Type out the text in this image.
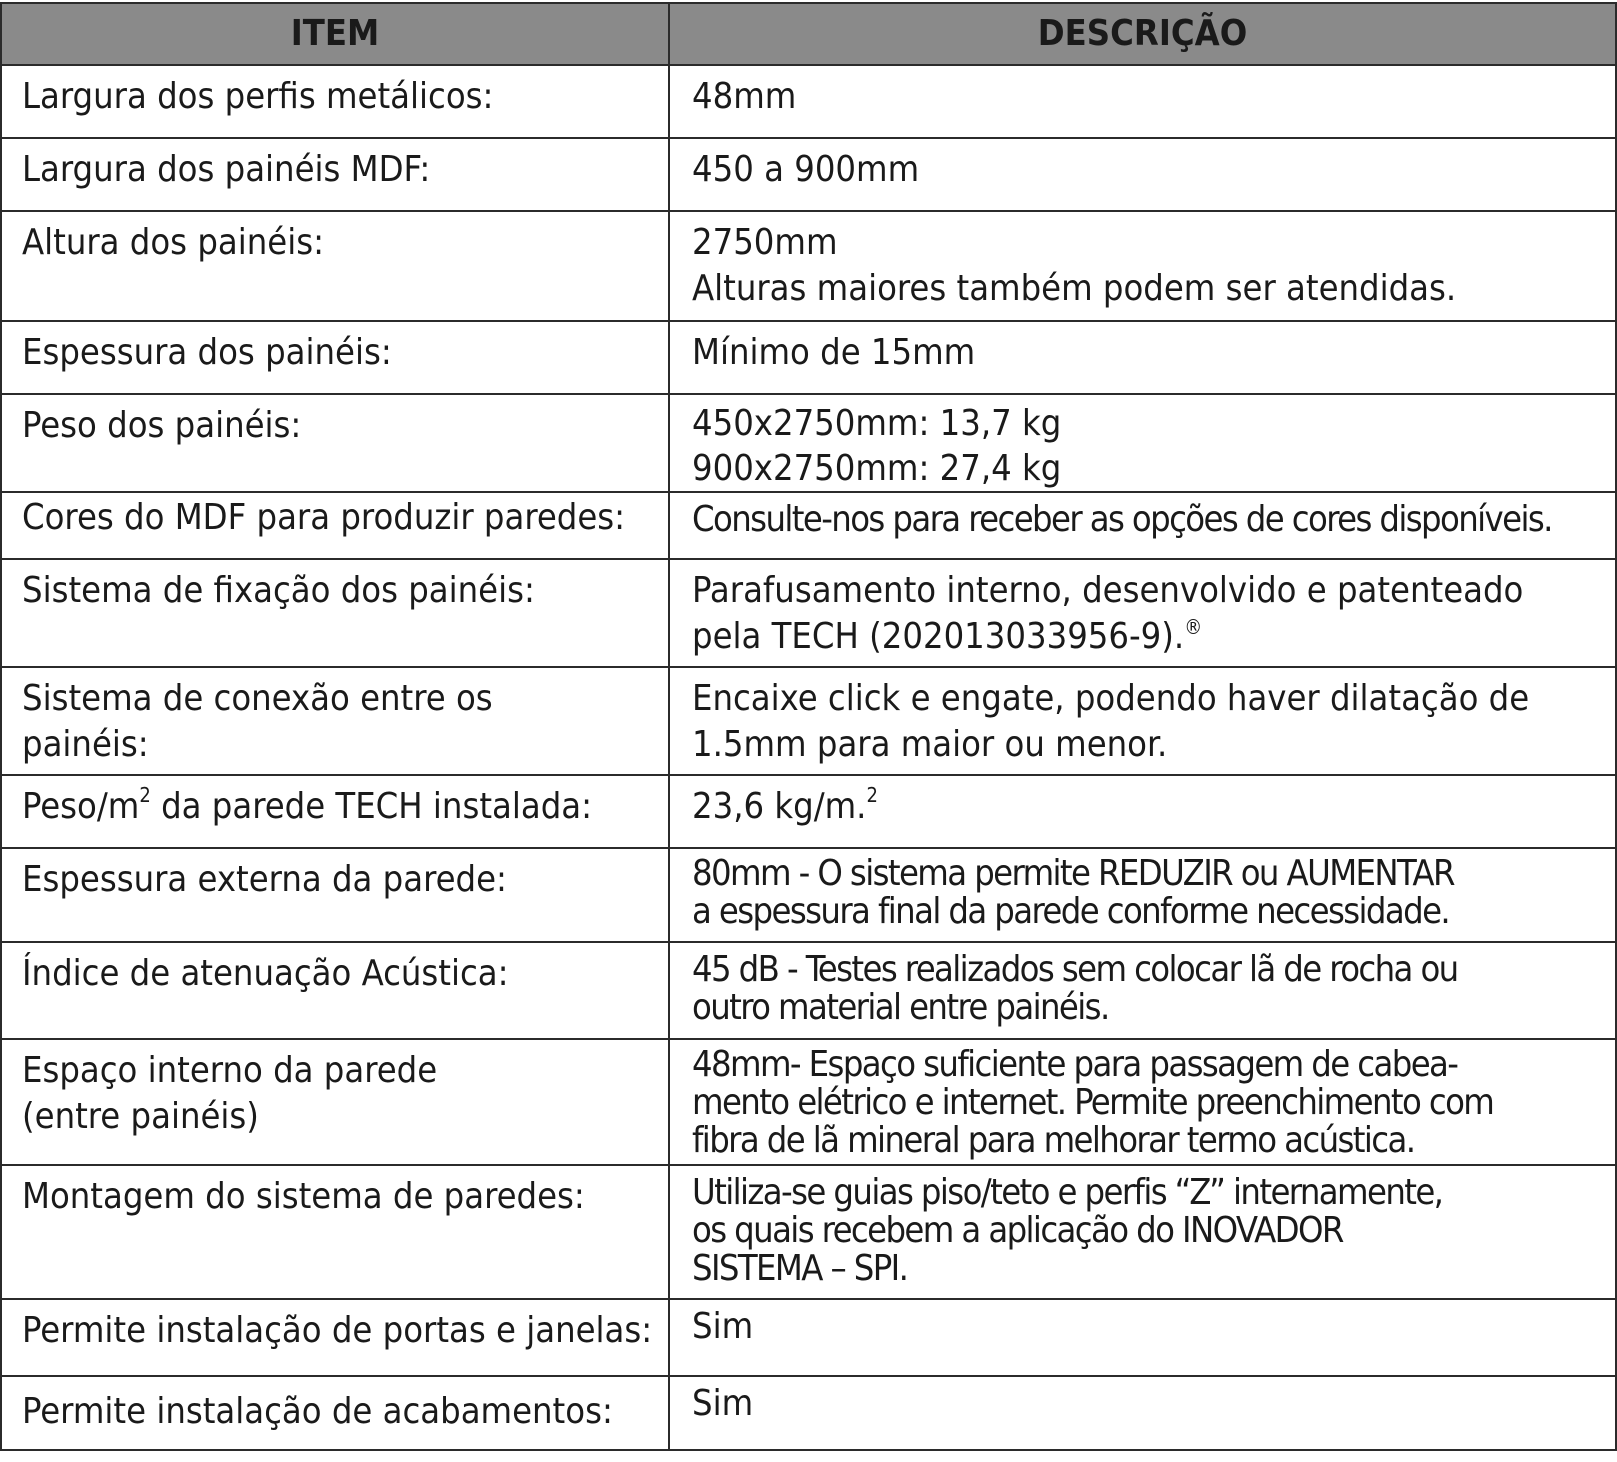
ITEM	DESCRIÇÃO

Largura dos perfis metálicos:	48mm

Largura dos painéis MDF:	450 a 900mm

Altura dos painéis:	2750mm
Alturas maiores também podem ser atendidas.

Espessura dos painéis:	Mínimo de 15mm

Peso dos painéis:	450x2750mm: 13,7 kg
900x2750mm: 27,4 kg

Cores do MDF para produzir paredes:	Consulte-nos para receber as opções de cores disponíveis.

Sistema de fixação dos painéis:	Parafusamento interno, desenvolvido e patenteado
pela TECH (202013033956-9).®

Sistema de conexão entre os
painéis:	Encaixe click e engate, podendo haver dilatação de
1.5mm para maior ou menor.

Peso/$m^2$ da parede TECH instalada:	23,6 kg/m.$^2$

Espessura externa da parede:	80mm - O sistema permite REDUZIR ou AUMENTAR
a espessura final da parede conforme necessidade.

Índice de atenuação Acústica:	45 dB - Testes realizados sem colocar lã de rocha ou
outro material entre painéis.

Espaço interno da parede
(entre painéis)	48mm- Espaço suficiente para passagem de cabea-
mento elétrico e internet. Permite preenchimento com
fibra de lã mineral para melhorar termo acústica.

Montagem do sistema de paredes:	Utiliza-se guias piso/teto e perfis “Z” internamente,
os quais recebem a aplicação do INOVADOR
SISTEMA – SPI.

Permite instalação de portas e janelas:	Sim

Permite instalação de acabamentos:	Sim
